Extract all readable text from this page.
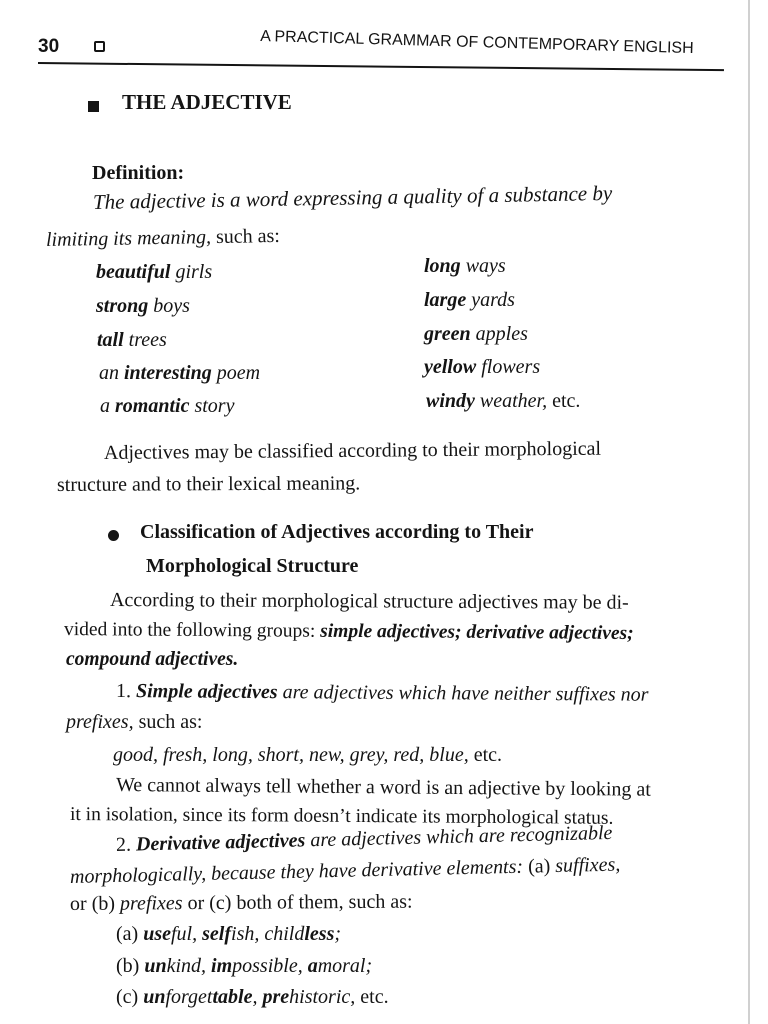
30	A PRACTICAL GRAMMAR OF CONTEMPORARY ENGLISH
THE ADJECTIVE
Definition:
The adjective is a word expressing a quality of a substance by
limiting its meaning, such as:
beautiful girls
strong boys
tall trees
an interesting poem
a romantic story
long ways
large yards
green apples
yellow flowers
windy weather, etc.
Adjectives may be classified according to their morphological
structure and to their lexical meaning.
Classification of Adjectives according to Their
Morphological Structure
According to their morphological structure adjectives may be di-
vided into the following groups: simple adjectives; derivative adjectives;
compound adjectives.
1. Simple adjectives are adjectives which have neither suffixes nor
prefixes, such as:
good, fresh, long, short, new, grey, red, blue, etc.
We cannot always tell whether a word is an adjective by looking at
it in isolation, since its form doesn’t indicate its morphological status.
2. Derivative adjectives are adjectives which are recognizable
morphologically, because they have derivative elements: (a) suffixes,
or (b) prefixes or (c) both of them, such as:
(a) useful, selfish, childless;
(b) unkind, impossible, amoral;
(c) unforgettable, prehistoric, etc.
